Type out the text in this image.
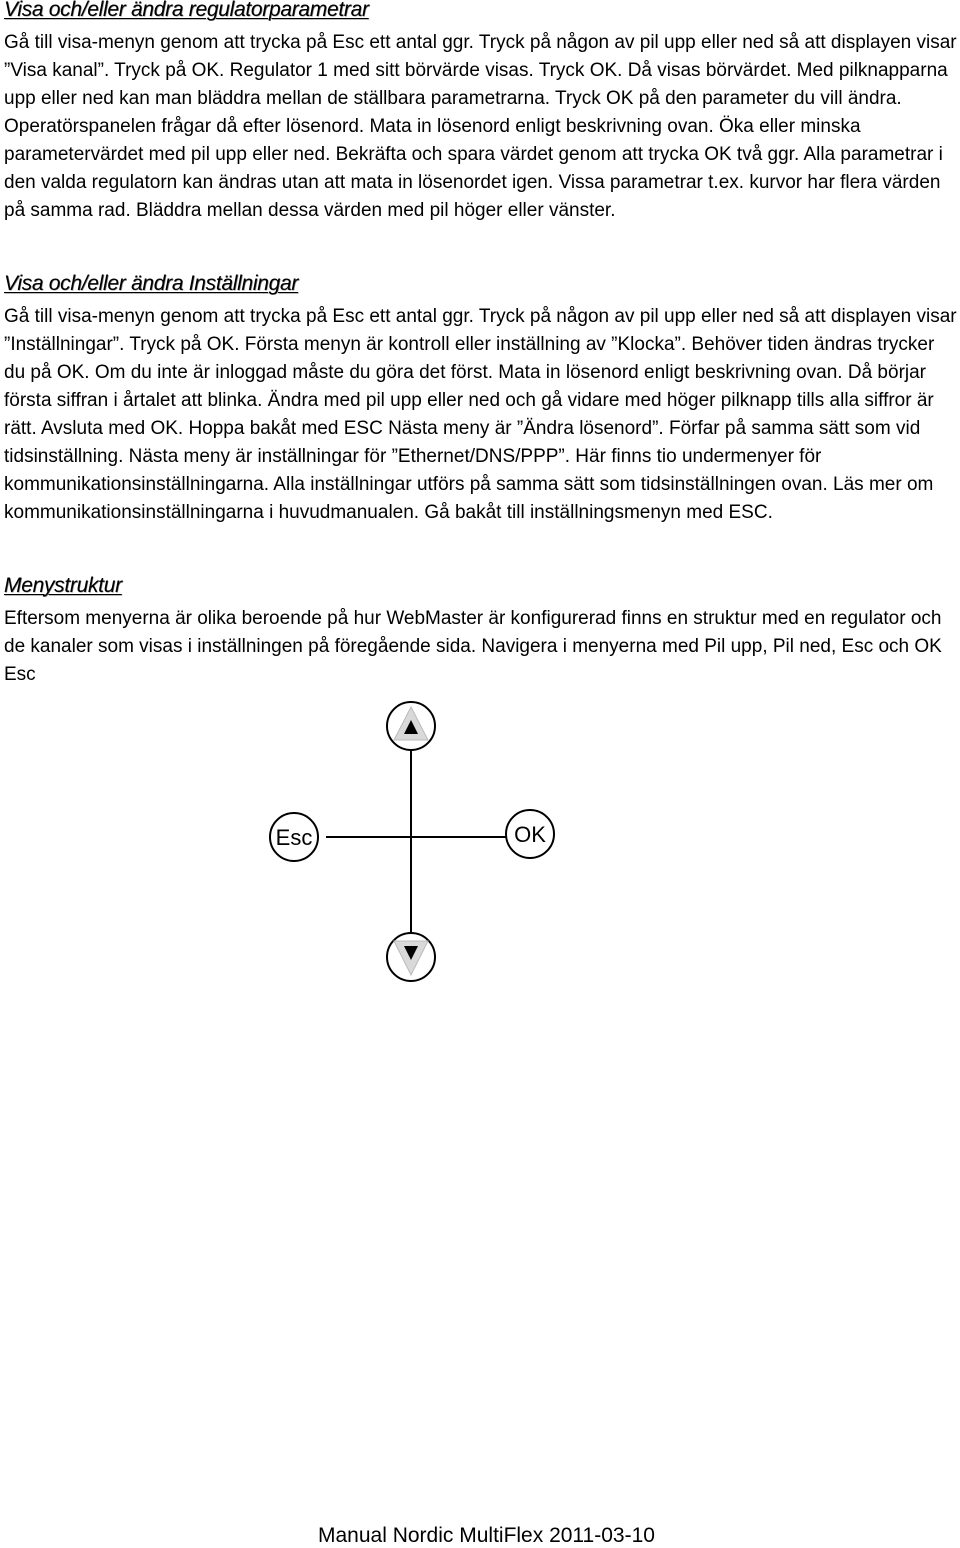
Visa och/eller ändra regulatorparametrar

Gå till visa-menyn genom att trycka på Esc ett antal ggr. Tryck på någon av pil upp eller ned så att displayen visar ”Visa kanal”. Tryck på OK. Regulator 1 med sitt börvärde visas. Tryck OK. Då visas börvärdet. Med pilknapparna upp eller ned kan man bläddra mellan de ställbara parametrarna. Tryck OK på den parameter du vill ändra. Operatörspanelen frågar då efter lösenord. Mata in lösenord enligt beskrivning ovan. Öka eller minska parametervärdet med pil upp eller ned. Bekräfta och spara värdet genom att trycka OK två ggr. Alla parametrar i den valda regulatorn kan ändras utan att mata in lösenordet igen. Vissa parametrar t.ex. kurvor har flera värden på samma rad. Bläddra mellan dessa värden med pil höger eller vänster.

Visa och/eller ändra Inställningar

Gå till visa-menyn genom att trycka på Esc ett antal ggr. Tryck på någon av pil upp eller ned så att displayen visar ”Inställningar”. Tryck på OK. Första menyn är kontroll eller inställning av ”Klocka”. Behöver tiden ändras trycker du på OK. Om du inte är inloggad måste du göra det först. Mata in lösenord enligt beskrivning ovan. Då börjar första siffran i årtalet att blinka. Ändra med pil upp eller ned och gå vidare med höger pilknapp tills alla siffror är rätt. Avsluta med OK. Hoppa bakåt med ESC Nästa meny är ”Ändra lösenord”. Förfar på samma sätt som vid tidsinställning. Nästa meny är inställningar för ”Ethernet/DNS/PPP”. Här finns tio undermenyer för kommunikationsinställningarna. Alla inställningar utförs på samma sätt som tidsinställningen ovan. Läs mer om kommunikationsinställningarna i huvudmanualen. Gå bakåt till inställningsmenyn med ESC.

Menystruktur

Eftersom menyerna är olika beroende på hur WebMaster är konfigurerad finns en struktur med en regulator och de kanaler som visas i inställningen på föregående sida. Navigera i menyerna med Pil upp, Pil ned, Esc och OK Esc

Esc	OK
Manual Nordic MultiFlex 2011-03-10
